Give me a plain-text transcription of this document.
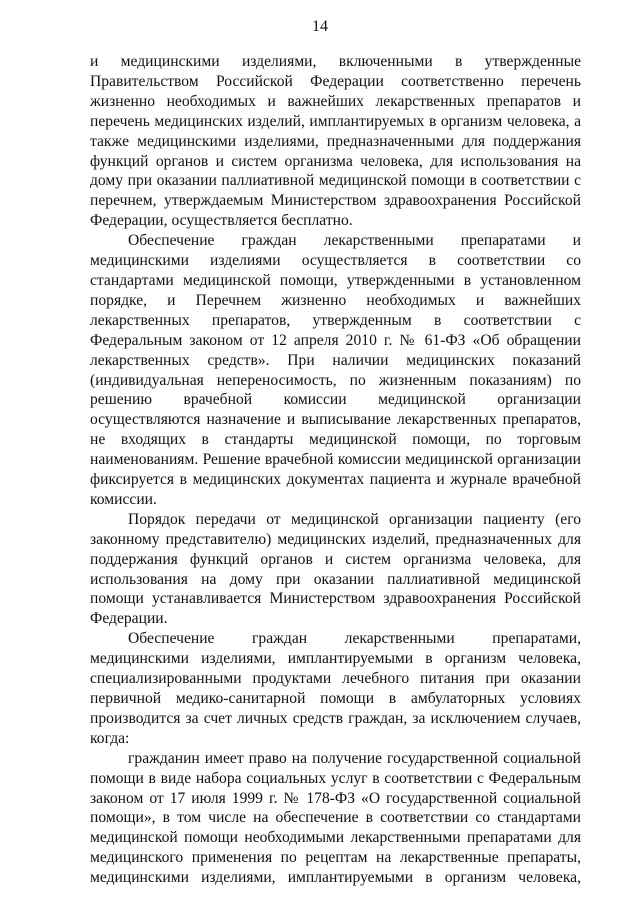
14

и медицинскими изделиями, включенными в утвержденные Правительством Российской Федерации соответственно перечень жизненно необходимых и важнейших лекарственных препаратов и перечень медицинских изделий, имплантируемых в организм человека, а также медицинскими изделиями, предназначенными для поддержания функций органов и систем организма человека, для использования на дому при оказании паллиативной медицинской помощи в соответствии с перечнем, утверждаемым Министерством здравоохранения Российской Федерации, осуществляется бесплатно.

Обеспечение граждан лекарственными препаратами и медицинскими изделиями осуществляется в соответствии со стандартами медицинской помощи, утвержденными в установленном порядке, и Перечнем жизненно необходимых и важнейших лекарственных препаратов, утвержденным в соответствии с Федеральным законом от 12 апреля 2010 г. № 61-ФЗ «Об обращении лекарственных средств». При наличии медицинских показаний (индивидуальная непереносимость, по жизненным показаниям) по решению врачебной комиссии медицинской организации осуществляются назначение и выписывание лекарственных препаратов, не входящих в стандарты медицинской помощи, по торговым наименованиям. Решение врачебной комиссии медицинской организации фиксируется в медицинских документах пациента и журнале врачебной комиссии.

Порядок передачи от медицинской организации пациенту (его законному представителю) медицинских изделий, предназначенных для поддержания функций органов и систем организма человека, для использования на дому при оказании паллиативной медицинской помощи устанавливается Министерством здравоохранения Российской Федерации.

Обеспечение граждан лекарственными препаратами, медицинскими изделиями, имплантируемыми в организм человека, специализированными продуктами лечебного питания при оказании первичной медико-санитарной помощи в амбулаторных условиях производится за счет личных средств граждан, за исключением случаев, когда:

гражданин имеет право на получение государственной социальной помощи в виде набора социальных услуг в соответствии с Федеральным законом от 17 июля 1999 г. № 178-ФЗ «О государственной социальной помощи», в том числе на обеспечение в соответствии со стандартами медицинской помощи необходимыми лекарственными препаратами для медицинского применения по рецептам на лекарственные препараты, медицинскими изделиями, имплантируемыми в организм человека,
